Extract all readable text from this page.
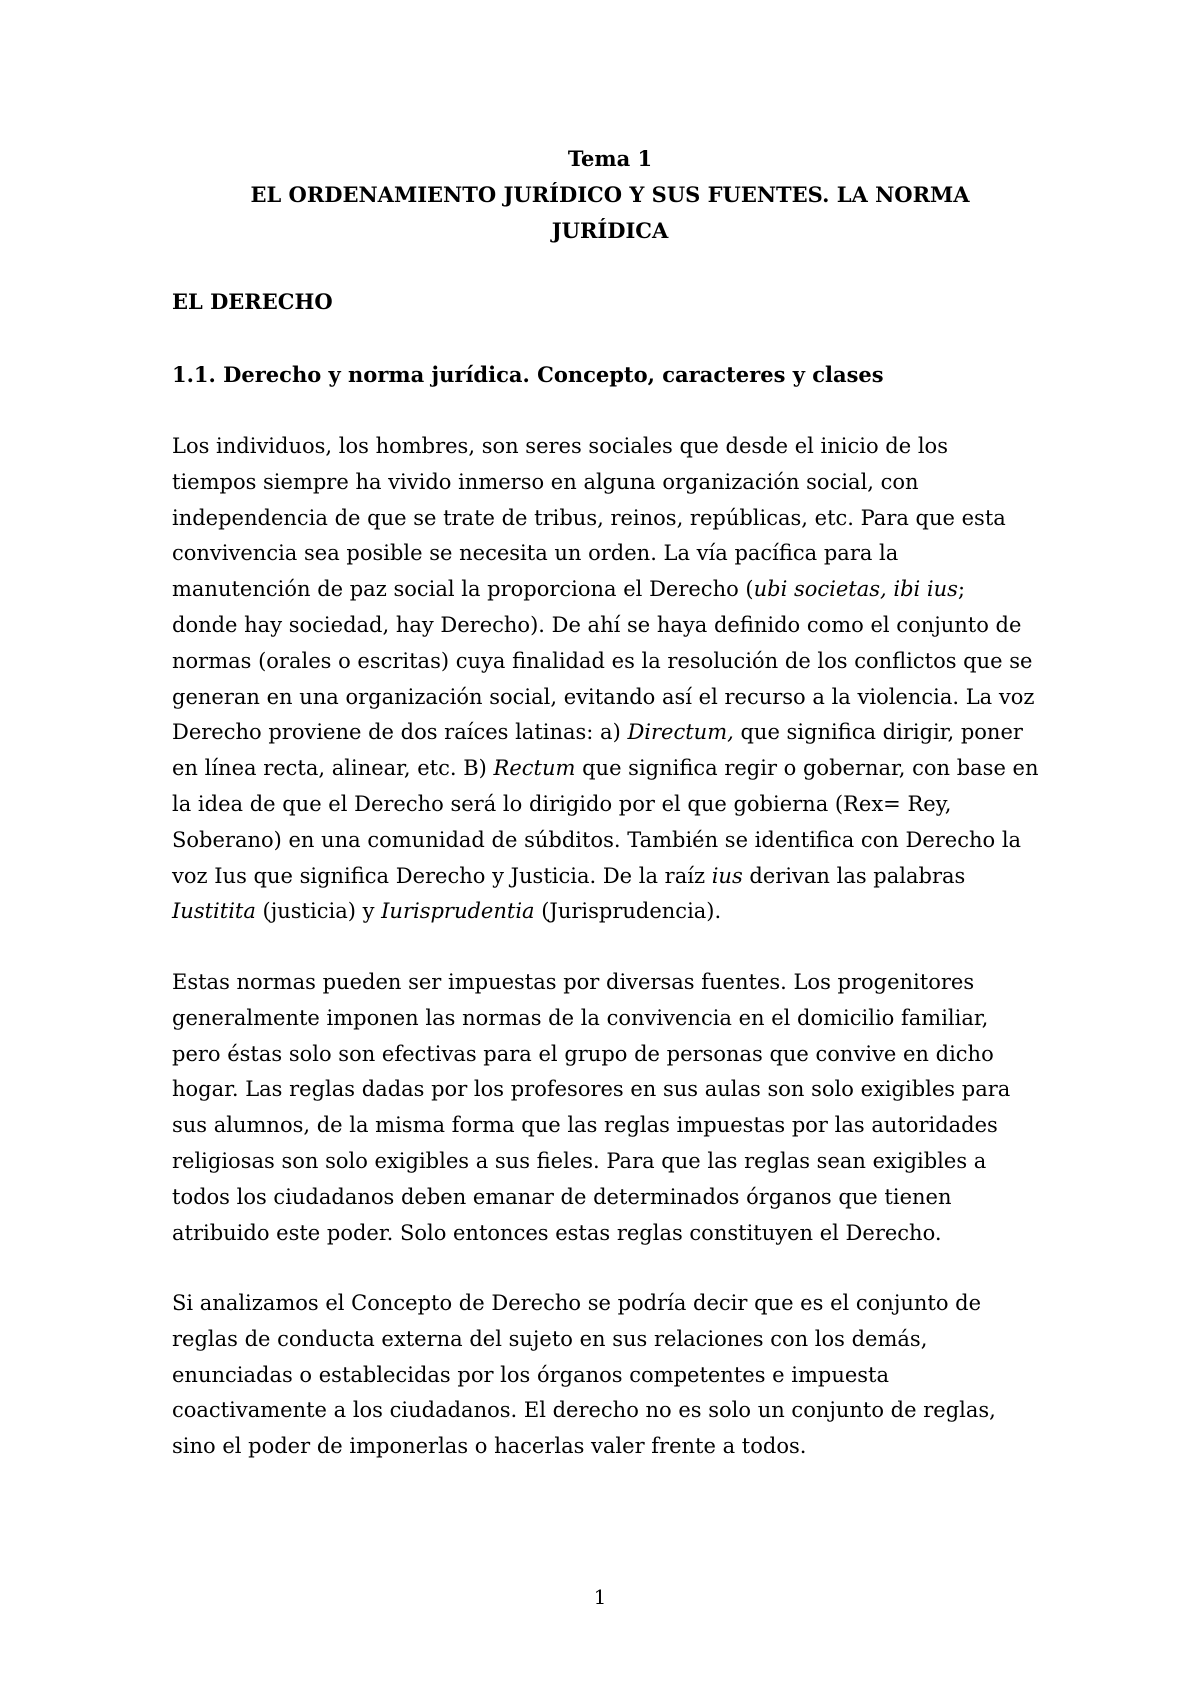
Tema 1
EL ORDENAMIENTO JURÍDICO Y SUS FUENTES. LA NORMA
JURÍDICA
EL DERECHO
1.1. Derecho y norma jurídica. Concepto, caracteres y clases

Los individuos, los hombres, son seres sociales que desde el inicio de los
tiempos siempre ha vivido inmerso en alguna organización social, con
independencia de que se trate de tribus, reinos, repúblicas, etc. Para que esta
convivencia sea posible se necesita un orden. La vía pacífica para la
manutención de paz social la proporciona el Derecho (ubi societas, ibi ius;
donde hay sociedad, hay Derecho). De ahí se haya definido como el conjunto de
normas (orales o escritas) cuya finalidad es la resolución de los conflictos que se
generan en una organización social, evitando así el recurso a la violencia. La voz
Derecho proviene de dos raíces latinas: a) Directum, que significa dirigir, poner
en línea recta, alinear, etc. B) Rectum que significa regir o gobernar, con base en
la idea de que el Derecho será lo dirigido por el que gobierna (Rex= Rey,
Soberano) en una comunidad de súbditos. También se identifica con Derecho la
voz Ius que significa Derecho y Justicia. De la raíz ius derivan las palabras
Iustitita (justicia) y Iurisprudentia (Jurisprudencia).

Estas normas pueden ser impuestas por diversas fuentes. Los progenitores
generalmente imponen las normas de la convivencia en el domicilio familiar,
pero éstas solo son efectivas para el grupo de personas que convive en dicho
hogar. Las reglas dadas por los profesores en sus aulas son solo exigibles para
sus alumnos, de la misma forma que las reglas impuestas por las autoridades
religiosas son solo exigibles a sus fieles. Para que las reglas sean exigibles a
todos los ciudadanos deben emanar de determinados órganos que tienen
atribuido este poder. Solo entonces estas reglas constituyen el Derecho.

Si analizamos el Concepto de Derecho se podría decir que es el conjunto de
reglas de conducta externa del sujeto en sus relaciones con los demás,
enunciadas o establecidas por los órganos competentes e impuesta
coactivamente a los ciudadanos. El derecho no es solo un conjunto de reglas,
sino el poder de imponerlas o hacerlas valer frente a todos.

1
